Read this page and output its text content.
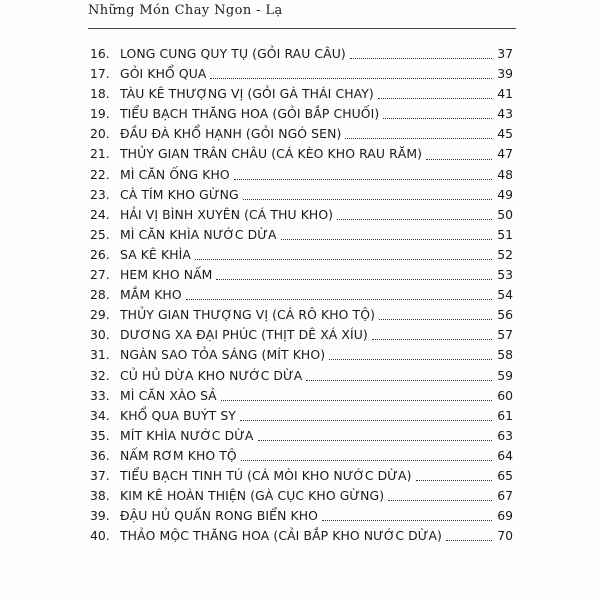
Những Món Chay Ngon - Lạ
16. LONG CUNG QUY TỤ (GỎI RAU CÂU)	37
17. GỎI KHỔ QUA	39
18. TÀU KÊ THƯỢNG VỊ (GỎI GÀ THÁI CHAY)	41
19. TIỂU BẠCH THĂNG HOA (GỎI BẮP CHUỐI)	43
20. ĐẦU ĐÀ KHỔ HẠNH (GỎI NGÓ SEN)	45
21. THỦY GIAN TRÂN CHÂU (CÁ KÈO KHO RAU RĂM)	47
22. MÌ CĂN ỐNG KHO	48
23. CÀ TÍM KHO GỪNG	49
24. HẢI VỊ BÌNH XUYÊN (CÁ THU KHO)	50
25. MÌ CĂN KHÌA NƯỚC DỪA	51
26. SA KÊ KHÌA	52
27. HEM KHO NẤM	53
28. MẮM KHO	54
29. THỦY GIAN THƯỢNG VỊ (CÁ RÔ KHO TỘ)	56
30. DƯƠNG XA ĐẠI PHÚC (THỊT DÊ XÁ XÍU)	57
31. NGÀN SAO TỎA SÁNG (MÍT KHO)	58
32. CỦ HỦ DỪA KHO NƯỚC DỪA	59
33. MÌ CĂN XÀO SẢ	60
34. KHỔ QUA BUÝT SY	61
35. MÍT KHÌA NƯỚC DỪA	63
36. NẤM RƠM KHO TỘ	64
37. TIỂU BẠCH TINH TÚ (CÁ MÒI KHO NƯỚC DỪA)	65
38. KIM KÊ HOÀN THIỆN (GÀ CỤC KHO GỪNG)	67
39. ĐẬU HỦ QUẤN RONG BIỂN KHO	69
40. THẢO MỘC THĂNG HOA (CẢI BẮP KHO NƯỚC DỪA)	70
